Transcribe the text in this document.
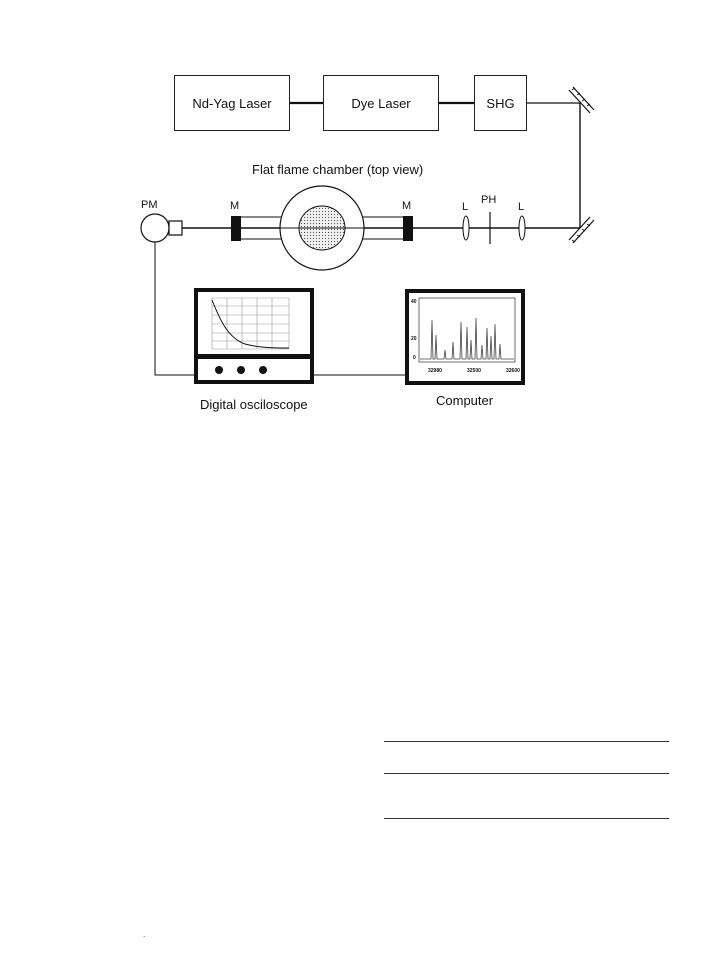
Nd-Yag Laser	Dye Laser	SHG
Flat flame chamber (top view)
PM	M	M	L
PH
L
40
20
0
32980	32500	32600
Digital osciloscope	Computer
.
